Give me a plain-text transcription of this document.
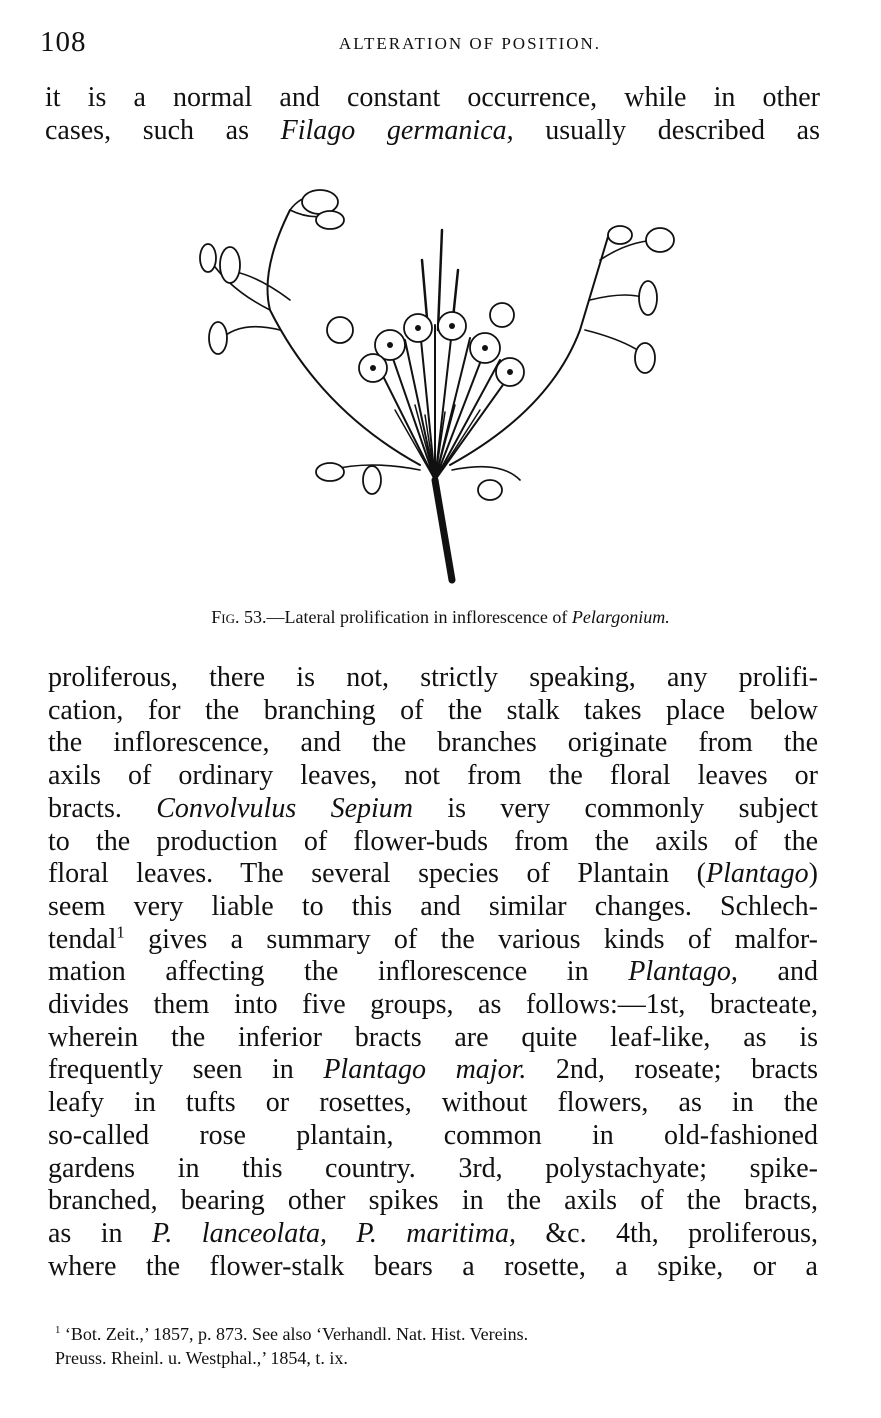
108	ALTERATION OF POSITION.
it is a normal and constant occurrence, while in other
cases, such as Filago germanica, usually described as
Fig. 53.—Lateral prolification in inflorescence of Pelargonium.
proliferous, there is not, strictly speaking, any prolifi-
cation, for the branching of the stalk takes place below
the inflorescence, and the branches originate from the
axils of ordinary leaves, not from the floral leaves or
bracts. Convolvulus Sepium is very commonly subject
to the production of flower-buds from the axils of the
floral leaves. The several species of Plantain (Plantago)
seem very liable to this and similar changes. Schlech-
tendal$^1$ gives a summary of the various kinds of malfor-
mation affecting the inflorescence in Plantago, and
divides them into five groups, as follows:—1st, bracteate,
wherein the inferior bracts are quite leaf-like, as is
frequently seen in Plantago major. 2nd, roseate; bracts
leafy in tufts or rosettes, without flowers, as in the
so-called rose plantain, common in old-fashioned
gardens in this country. 3rd, polystachyate; spike-
branched, bearing other spikes in the axils of the bracts,
as in P. lanceolata, P. maritima, &c. 4th, proliferous,
where the flower-stalk bears a rosette, a spike, or a
$^1$ ‘Bot. Zeit.,’ 1857, p. 873. See also ‘Verhandl. Nat. Hist. Vereins.
Preuss. Rheinl. u. Westphal.,’ 1854, t. ix.
